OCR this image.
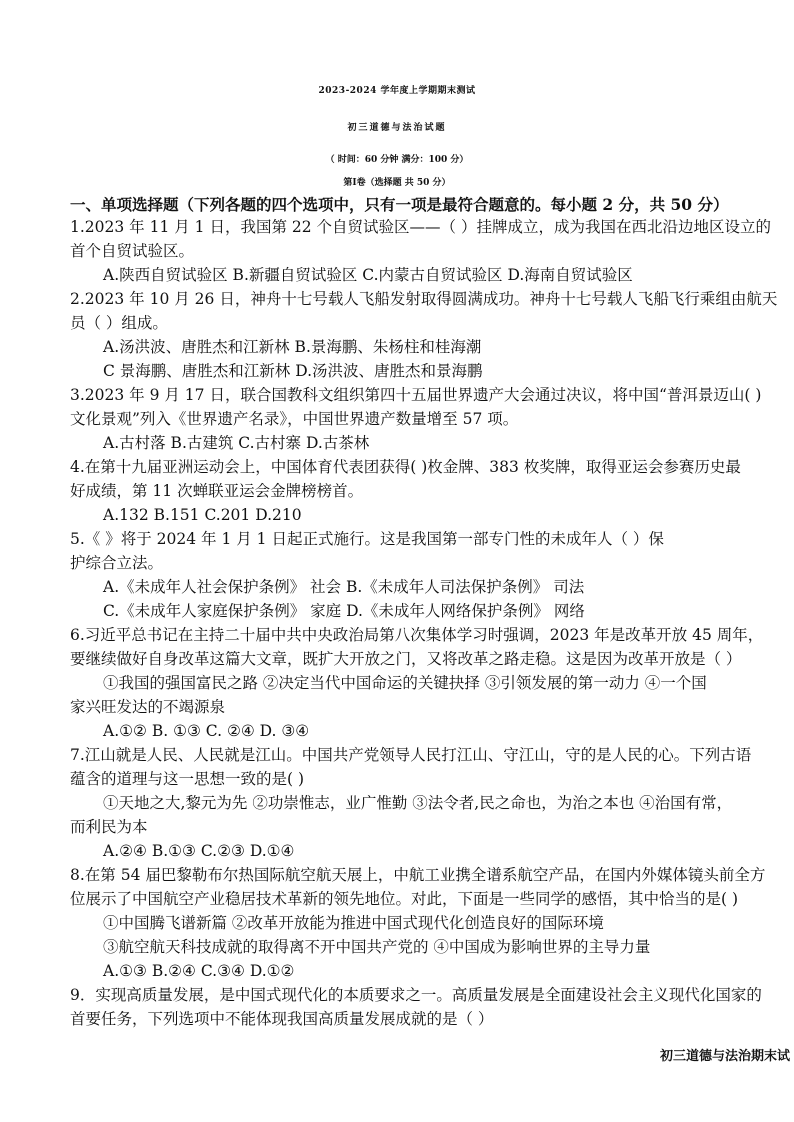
2023-2024 学年度上学期期末测试
初三道德与法治试题
（ 时间：60 分钟 满分：100 分）
第Ⅰ卷（选择题 共 50 分）
一、单项选择题（下列各题的四个选项中，只有一项是最符合题意的。每小题 2 分，共 50 分）
1.2023 年 11 月 1 日，我国第 22 个自贸试验区——（ ）挂牌成立，成为我国在西北沿边地区设立的
首个自贸试验区。
A.陕西自贸试验区 B.新疆自贸试验区 C.内蒙古自贸试验区 D.海南自贸试验区
2.2023 年 10 月 26 日，神舟十七号载人飞船发射取得圆满成功。神舟十七号载人飞船飞行乘组由航天
员（ ）组成。
A.汤洪波、唐胜杰和江新林 B.景海鹏、朱杨柱和桂海潮
C 景海鹏、唐胜杰和江新林 D.汤洪波、唐胜杰和景海鹏
3.2023 年 9 月 17 日，联合国教科文组织第四十五届世界遗产大会通过决议，将中国“普洱景迈山( )
文化景观”列入《世界遗产名录》，中国世界遗产数量增至 57 项。
A.古村落 B.古建筑 C.古村寨 D.古茶林
4.在第十九届亚洲运动会上，中国体育代表团获得( )枚金牌、383 枚奖牌，取得亚运会参赛历史最
好成绩，第 11 次蝉联亚运会金牌榜榜首。
A.132 B.151 C.201 D.210
5.《 》将于 2024 年 1 月 1 日起正式施行。这是我国第一部专门性的未成年人（ ）保
护综合立法。
A.《未成年人社会保护条例》 社会 B.《未成年人司法保护条例》 司法
C.《未成年人家庭保护条例》 家庭 D.《未成年人网络保护条例》 网络
6.习近平总书记在主持二十届中共中央政治局第八次集体学习时强调，2023 年是改革开放 45 周年，
要继续做好自身改革这篇大文章，既扩大开放之门，又将改革之路走稳。这是因为改革开放是（ ）
①我国的强国富民之路 ②决定当代中国命运的关键抉择 ③引领发展的第一动力 ④一个国
家兴旺发达的不竭源泉
A.①② B. ①③ C. ②④ D. ③④
7.江山就是人民、人民就是江山。中国共产党领导人民打江山、守江山，守的是人民的心。下列古语
蕴含的道理与这一思想一致的是( )
①天地之大,黎元为先 ②功崇惟志，业广惟勤 ③法令者,民之命也，为治之本也 ④治国有常，
而利民为本
A.②④ B.①③ C.②③ D.①④
8.在第 54 届巴黎勒布尔热国际航空航天展上，中航工业携全谱系航空产品，在国内外媒体镜头前全方
位展示了中国航空产业稳居技术革新的领先地位。对此，下面是一些同学的感悟，其中恰当的是( )
①中国腾飞谱新篇 ②改革开放能为推进中国式现代化创造良好的国际环境
③航空航天科技成就的取得离不开中国共产党的 ④中国成为影响世界的主导力量
A.①③ B.②④ C.③④ D.①②
9．实现高质量发展，是中国式现代化的本质要求之一。高质量发展是全面建设社会主义现代化国家的
首要任务，下列选项中不能体现我国高质量发展成就的是（ ）
初三道德与法治期末试
